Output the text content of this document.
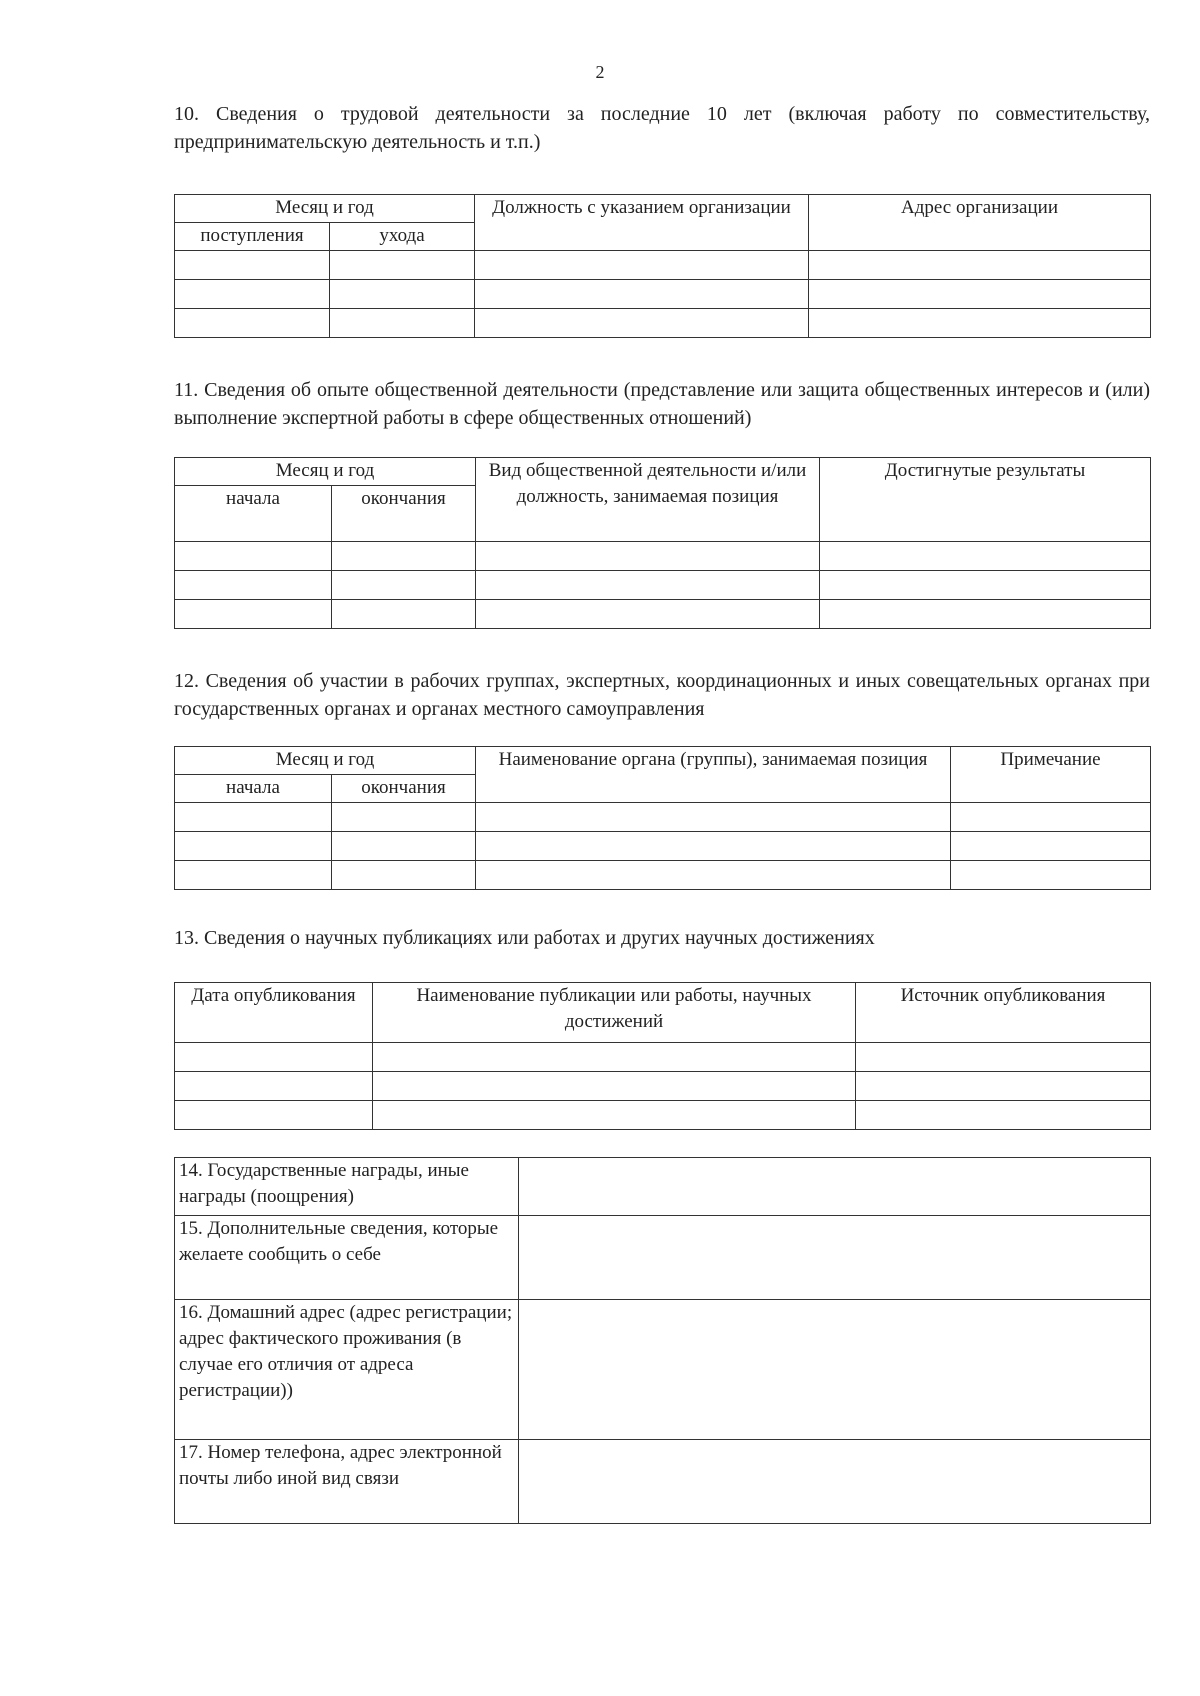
2

10. Сведения о трудовой деятельности за последние 10 лет (включая работу по совместительству, предпринимательскую деятельность и т.п.)

Месяц и год		Должность с указанием организации	Адрес организации
поступления	ухода		

11. Сведения об опыте общественной деятельности (представление или защита общественных интересов и (или) выполнение экспертной работы в сфере общественных отношений)

Месяц и год		Вид общественной деятельности и/или должность, занимаемая позиция	Достигнутые результаты
начала	окончания		

12. Сведения об участии в рабочих группах, экспертных, координационных и иных совещательных органах при государственных органах и органах местного самоуправления

Месяц и год		Наименование органа (группы), занимаемая позиция	Примечание
начала	окончания		

13. Сведения о научных публикациях или работах и других научных достижениях

Дата опубликования	Наименование публикации или работы, научных достижений	Источник опубликования

14. Государственные награды, иные награды (поощрения)	
15. Дополнительные сведения, которые желаете сообщить о себе	
16. Домашний адрес (адрес регистрации; адрес фактического проживания (в случае его отличия от адреса регистрации))	
17. Номер телефона, адрес электронной почты либо иной вид связи	
